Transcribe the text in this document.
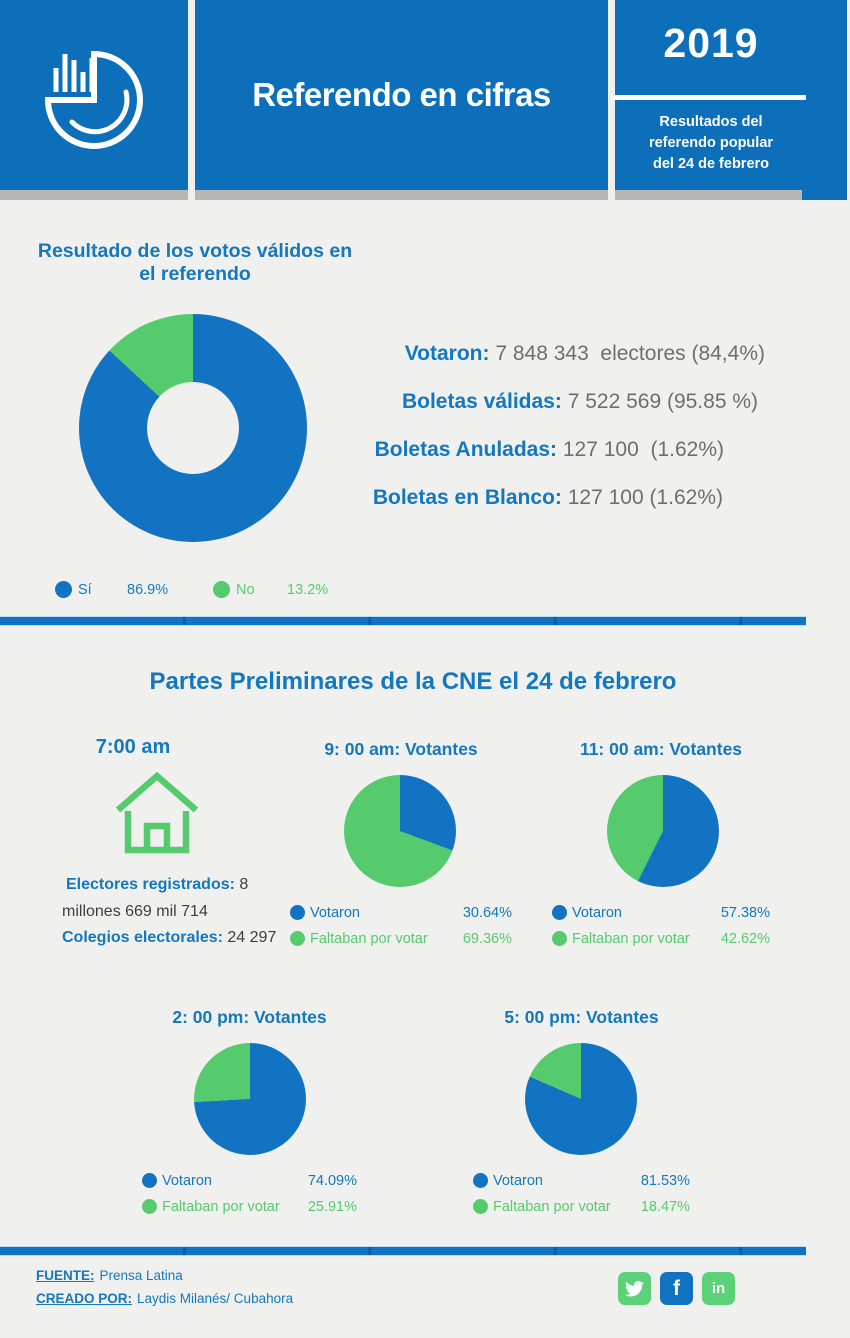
Referendo en cifras
2019
Resultados del
referendo popular
del 24 de febrero
Resultado de los votos válidos en
el referendo
Votaron: 7 848 343  electores (84,4%)
Boletas válidas: 7 522 569 (95.85 %)
Boletas Anuladas: 127 100  (1.62%)
Boletas en Blanco: 127 100 (1.62%)
Sí 86.9%	No 13.2%
Partes Preliminares de la CNE el 24 de febrero
7:00 am
Electores registrados: 8
millones 669 mil 714
Colegios electorales: 24 297
9: 00 am: Votantes
Votaron	30.64%
Faltaban por votar 69.36%
11: 00 am: Votantes
Votaron	57.38%
Faltaban por votar 42.62%
2: 00 pm: Votantes
Votaron	74.09%
Faltaban por votar 25.91%
5: 00 pm: Votantes
Votaron	81.53%
Faltaban por votar 18.47%
FUENTE: Prensa Latina
CREADO POR: Laydis Milanés/ Cubahora	f in
